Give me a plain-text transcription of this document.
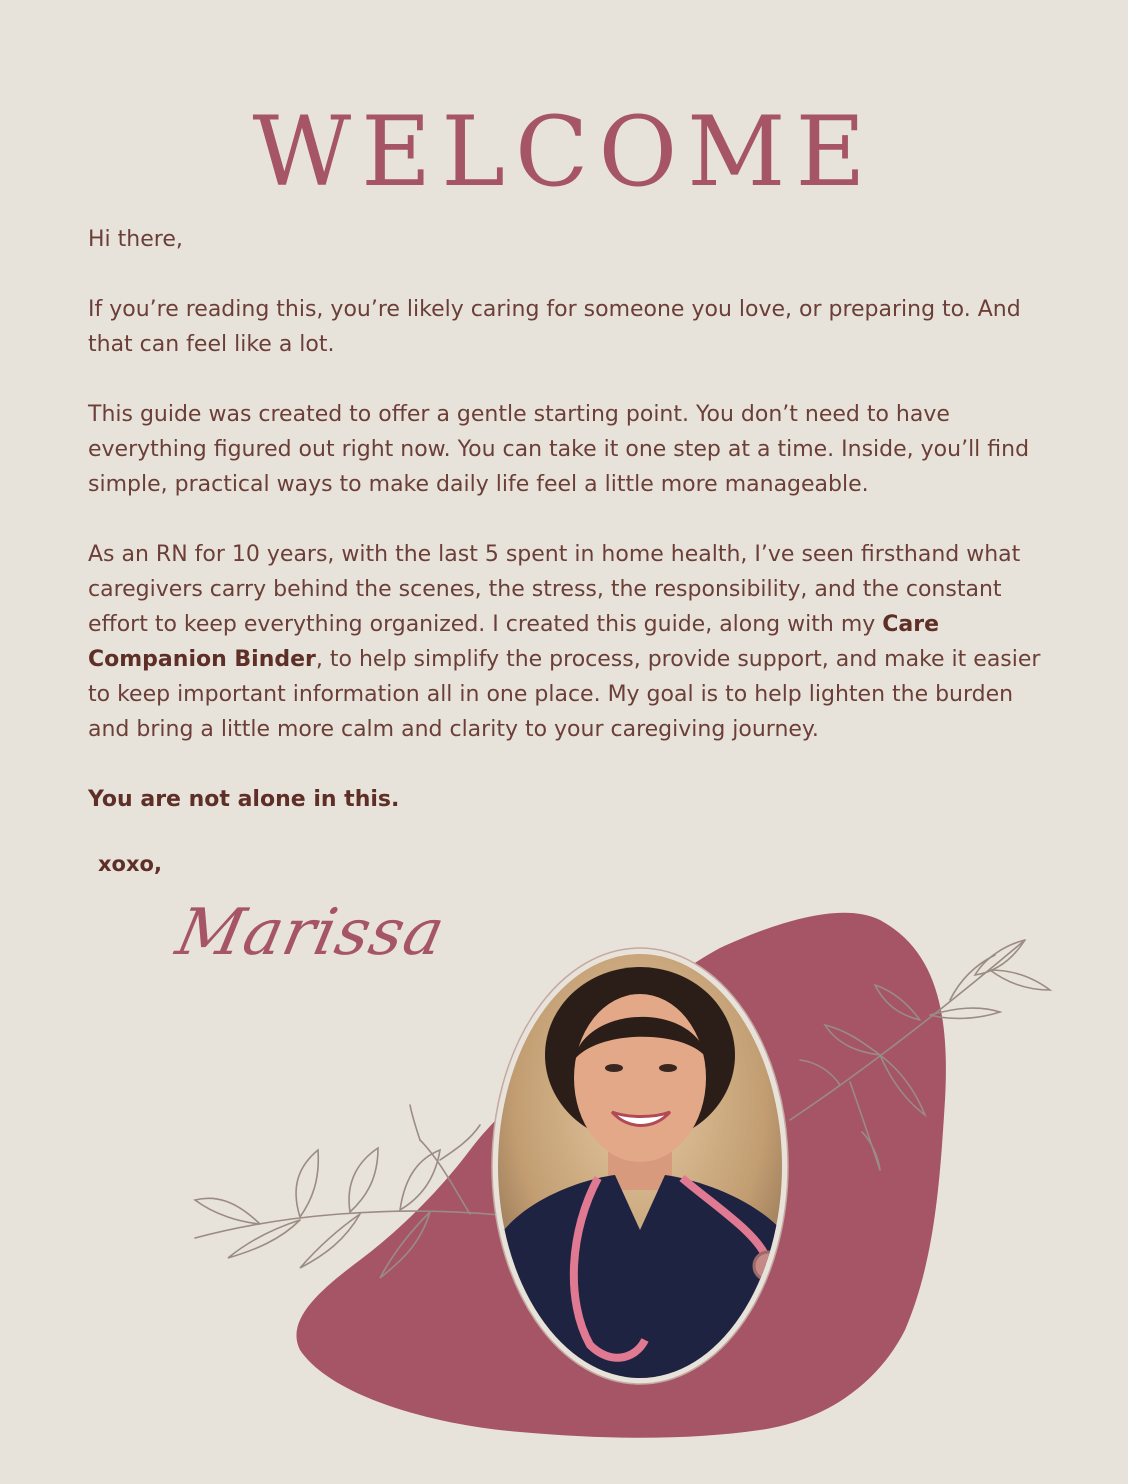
WELCOME

Hi there,

If you’re reading this, you’re likely caring for someone you love, or preparing to. And that can feel like a lot.

This guide was created to offer a gentle starting point. You don’t need to have everything figured out right now. You can take it one step at a time. Inside, you’ll find simple, practical ways to make daily life feel a little more manageable.

As an RN for 10 years, with the last 5 spent in home health, I’ve seen firsthand what caregivers carry behind the scenes, the stress, the responsibility, and the constant effort to keep everything organized. I created this guide, along with my Care Companion Binder, to help simplify the process, provide support, and make it easier to keep important information all in one place. My goal is to help lighten the burden and bring a little more calm and clarity to your caregiving journey.

You are not alone in this.

xoxo,
Marissa
